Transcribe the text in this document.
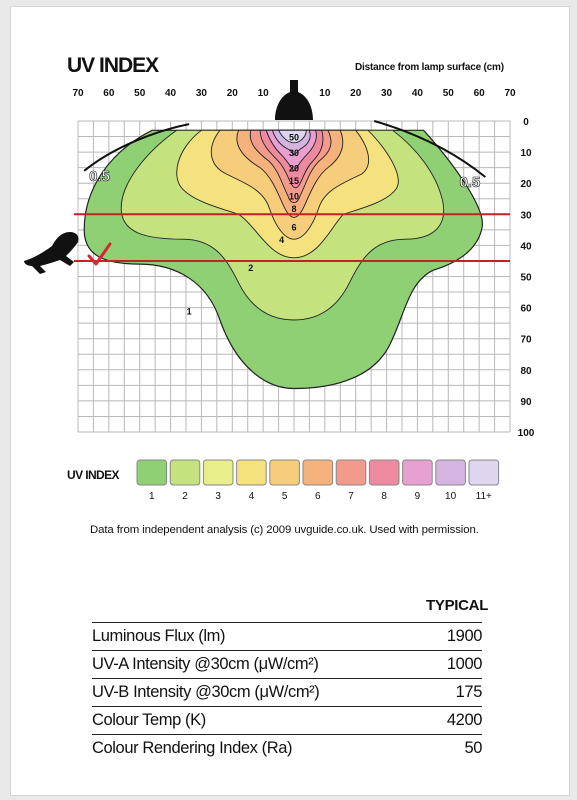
70 60 50 40 30 20 10	10 20 30 40 50 60 70
0
10
20
30
40
50
60
70
80
90
100
0.5	0.5
1
2
4
6
8
10
15
20
30
50
1	2	3	4	5	6	7	8	9 10 11+
UV INDEX	Distance from lamp surface (cm)
UV INDEX
Data from independent analysis (c) 2009 uvguide.co.uk. Used with permission.
TYPICAL
Luminous Flux (lm)	1900
UV-A Intensity @30cm (μW/cm²)	1000
UV-B Intensity @30cm (μW/cm²)	175
Colour Temp (K)	4200
Colour Rendering Index (Ra)	50
